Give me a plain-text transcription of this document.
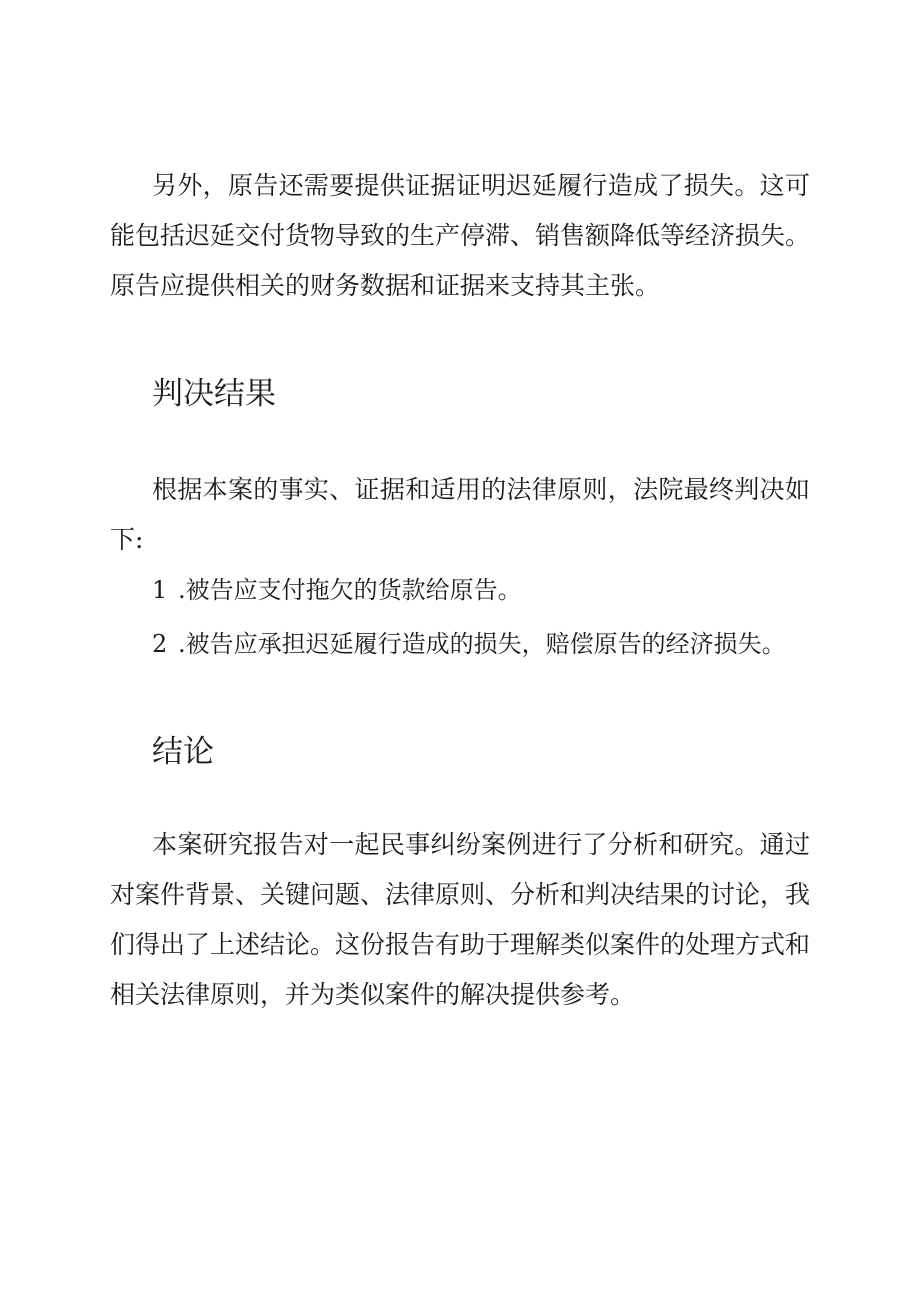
另外，原告还需要提供证据证明迟延履行造成了损失。这可能包括迟延交付货物导致的生产停滞、销售额降低等经济损失。原告应提供相关的财务数据和证据来支持其主张。

判决结果

根据本案的事实、证据和适用的法律原则，法院最终判决如下:

1 .被告应支付拖欠的货款给原告。
2 .被告应承担迟延履行造成的损失，赔偿原告的经济损失。
结论

本案研究报告对一起民事纠纷案例进行了分析和研究。通过对案件背景、关键问题、法律原则、分析和判决结果的讨论，我们得出了上述结论。这份报告有助于理解类似案件的处理方式和相关法律原则，并为类似案件的解决提供参考。
